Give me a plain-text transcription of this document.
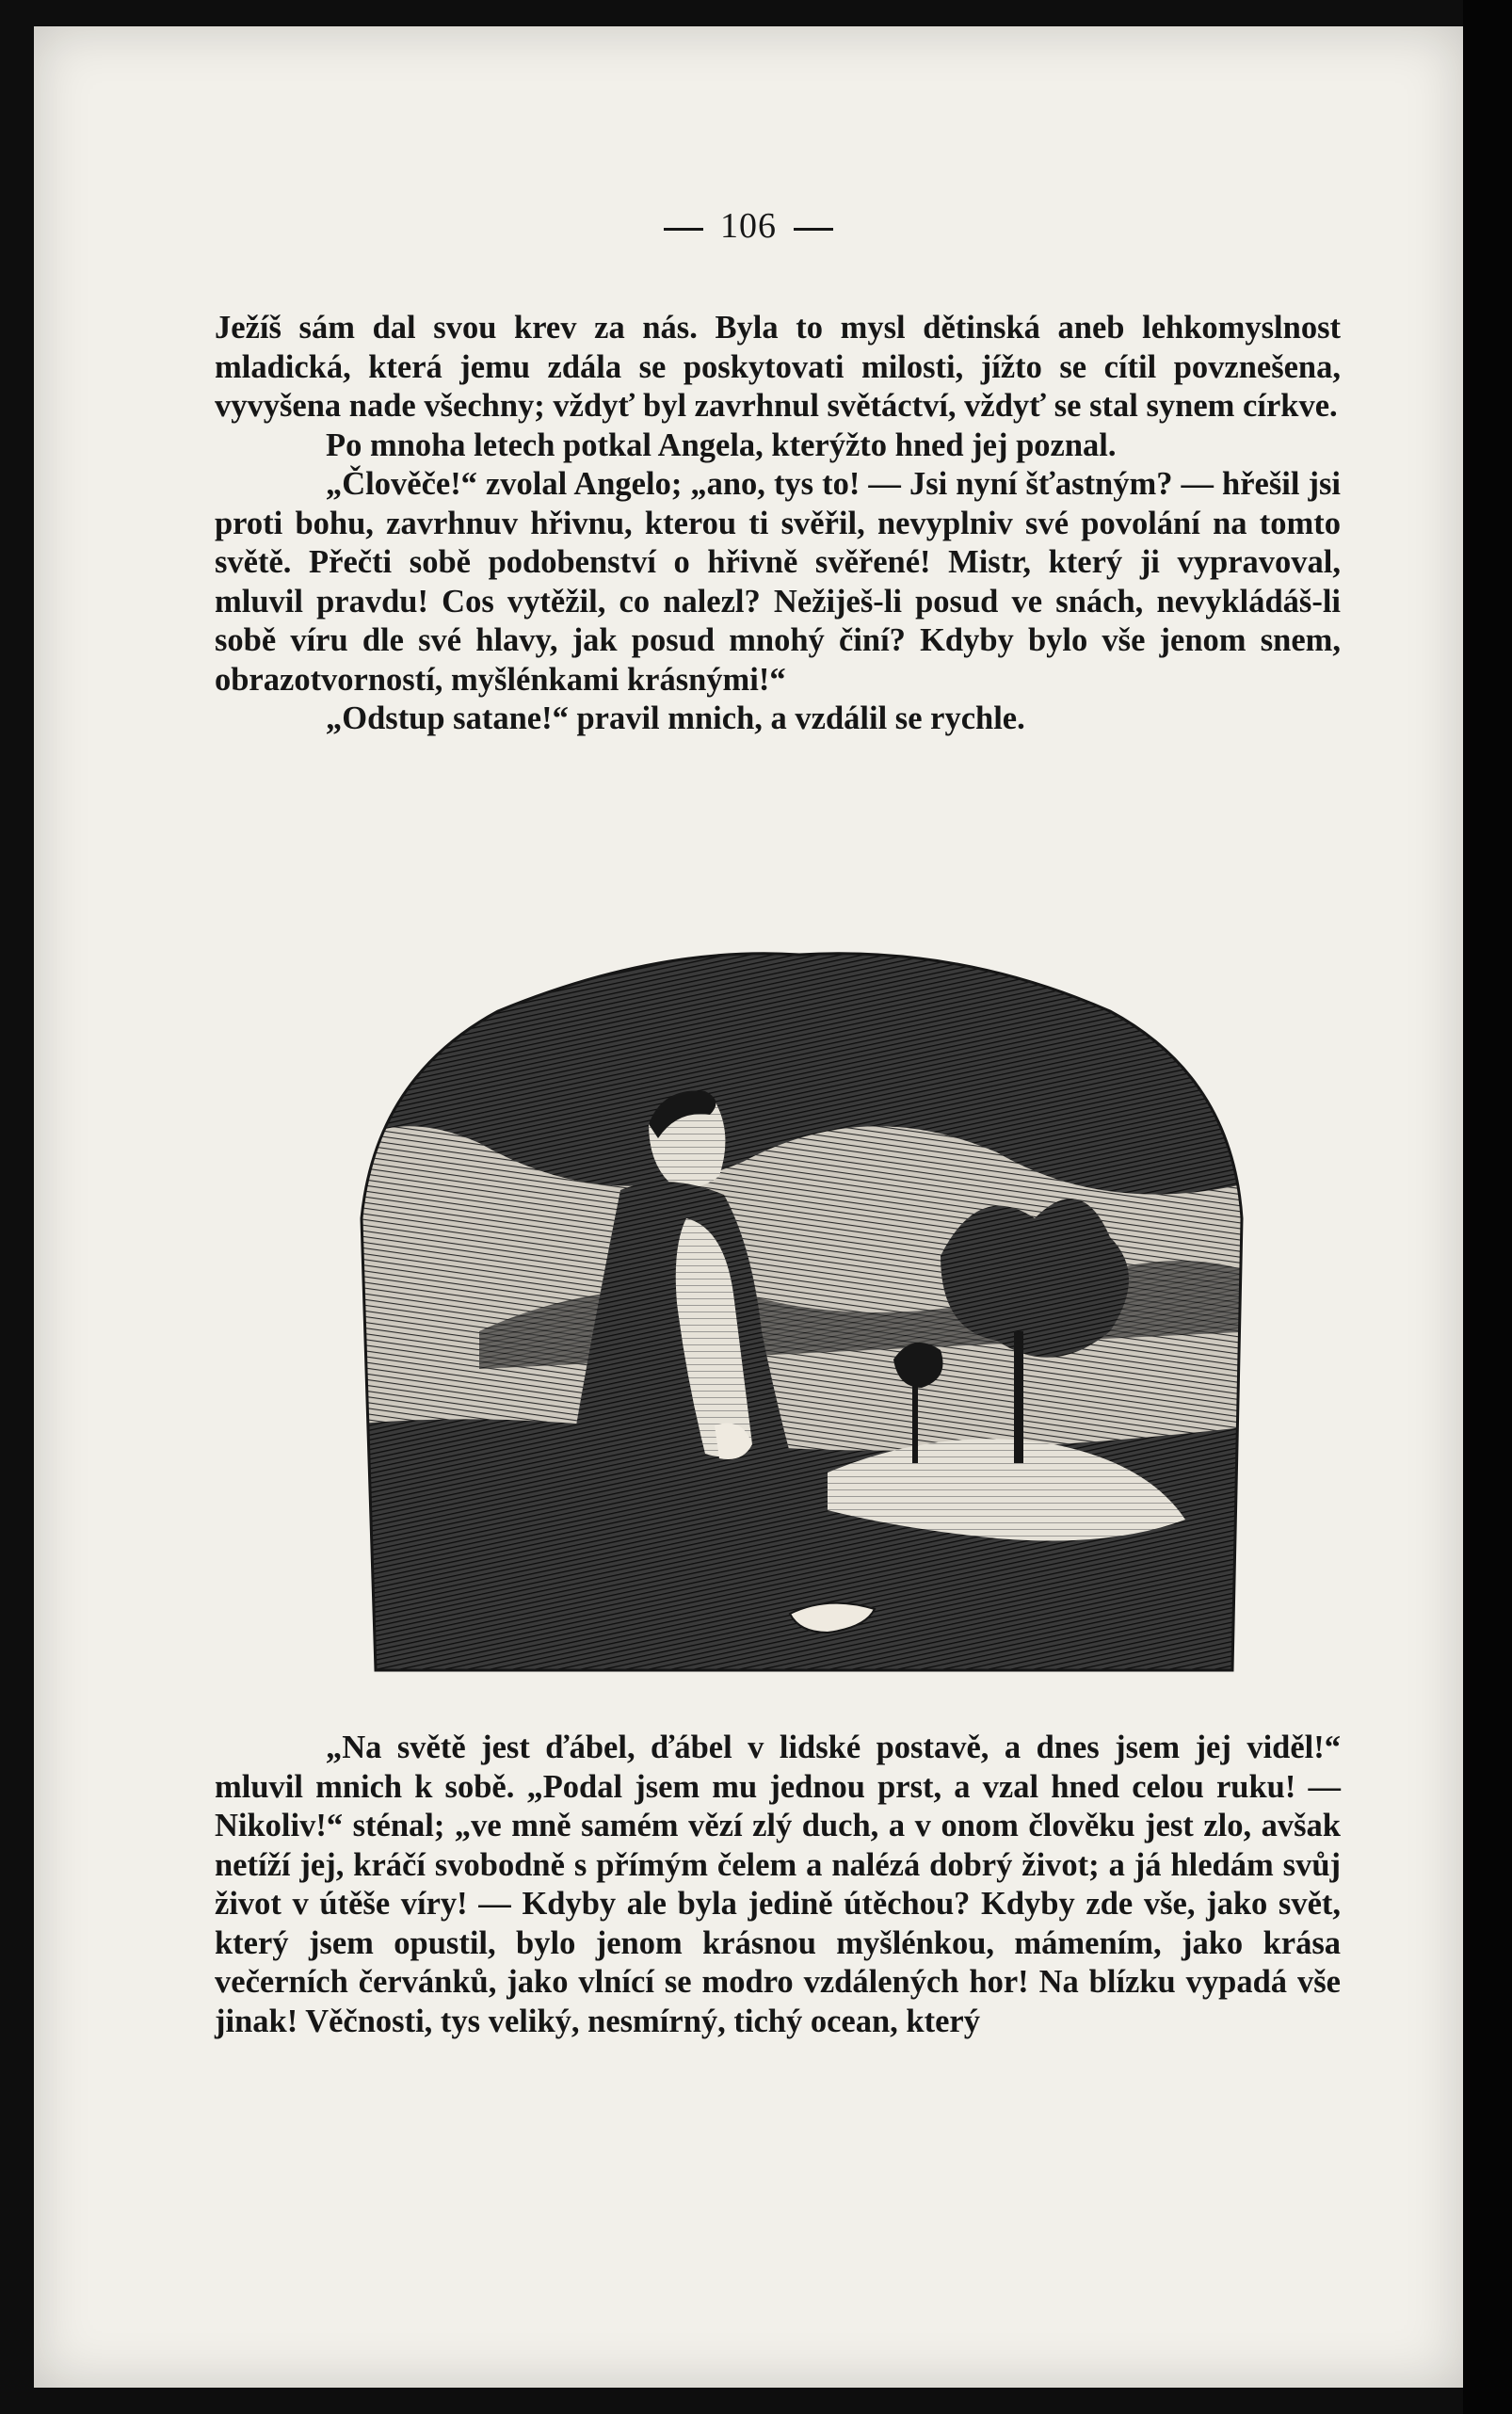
106

Ježíš sám dal svou krev za nás. Byla to mysl dětinská aneb lehkomyslnost mladická, která jemu zdála se poskytovati milosti, jížto se cítil povznešena, vyvyšena nade všechny; vždyť byl zavrhnul světáctví, vždyť se stal synem církve.

Po mnoha letech potkal Angela, kterýžto hned jej poznal.

„Člověče!“ zvolal Angelo; „ano, tys to! — Jsi nyní šťastným? — hřešil jsi proti bohu, zavrhnuv hřivnu, kterou ti svěřil, nevyplniv své povolání na tomto světě. Přečti sobě podobenství o hřivně svěřené! Mistr, který ji vypravoval, mluvil pravdu! Cos vytěžil, co nalezl? Nežiješ-li posud ve snách, nevykládáš-li sobě víru dle své hlavy, jak posud mnohý činí? Kdyby bylo vše jenom snem, obrazotvorností, myšlénkami krásnými!“

„Odstup satane!“ pravil mnich, a vzdálil se rychle.

„Na světě jest ďábel, ďábel v lidské postavě, a dnes jsem jej viděl!“ mluvil mnich k sobě. „Podal jsem mu jednou prst, a vzal hned celou ruku! — Nikoliv!“ sténal; „ve mně samém vězí zlý duch, a v onom člověku jest zlo, avšak netíží jej, kráčí svobodně s přímým čelem a nalézá dobrý život; a já hledám svůj život v útěše víry! — Kdyby ale byla jedině útěchou? Kdyby zde vše, jako svět, který jsem opustil, bylo jenom krásnou myšlénkou, mámením, jako krása večerních červánků, jako vlnící se modro vzdálených hor! Na blízku vypadá vše jinak! Věčnosti, tys veliký, nesmírný, tichý ocean, který
